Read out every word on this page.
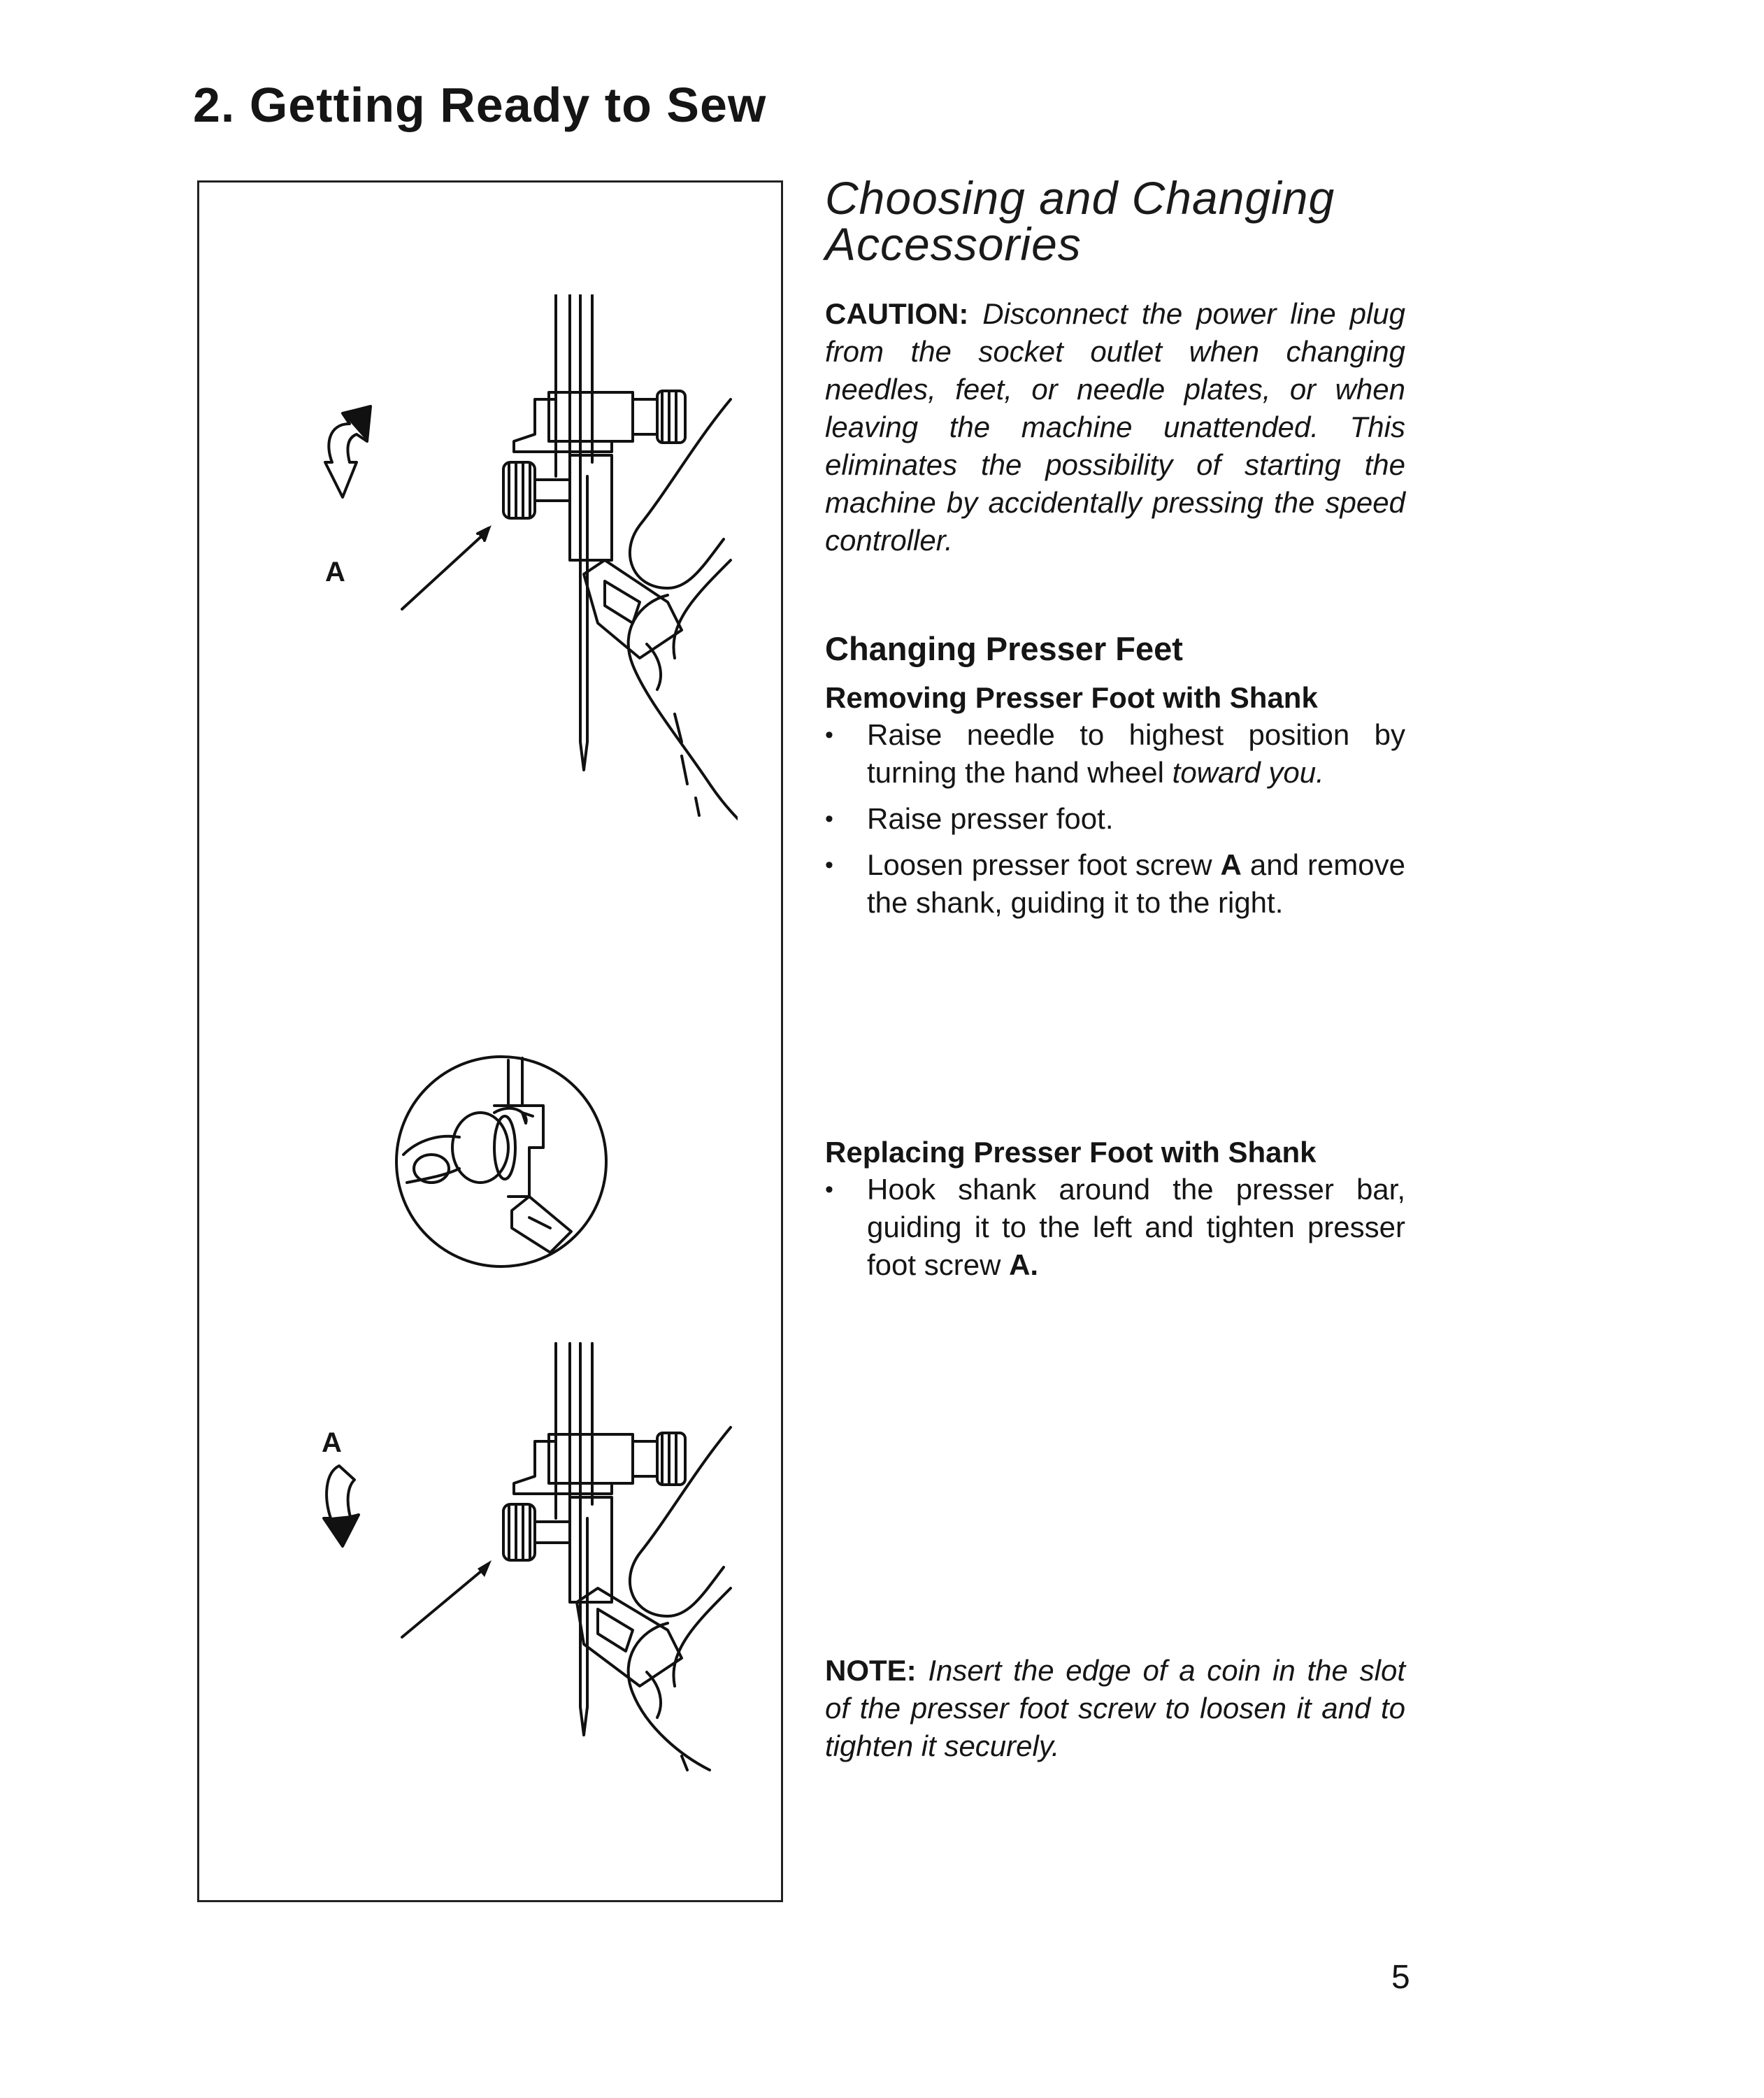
2. Getting Ready to Sew
A
A
Choosing and Changing
Accessories

CAUTION: Disconnect the power line plug from the socket outlet when changing needles, feet, or needle plates, or when leaving the machine unattended. This eliminates the possibility of starting the machine by accidentally pressing the speed controller.

Changing Presser Feet
Removing Presser Foot with Shank
•	Raise needle to highest position by turning the hand wheel toward you.
•	Raise presser foot.
•	Loosen presser foot screw A and remove the shank, guiding it to the right.
Replacing Presser Foot with Shank
•	Hook shank around the presser bar, guiding it to the left and tighten presser foot screw A.

NOTE: Insert the edge of a coin in the slot of the presser foot screw to loosen it and to tighten it securely.

5
